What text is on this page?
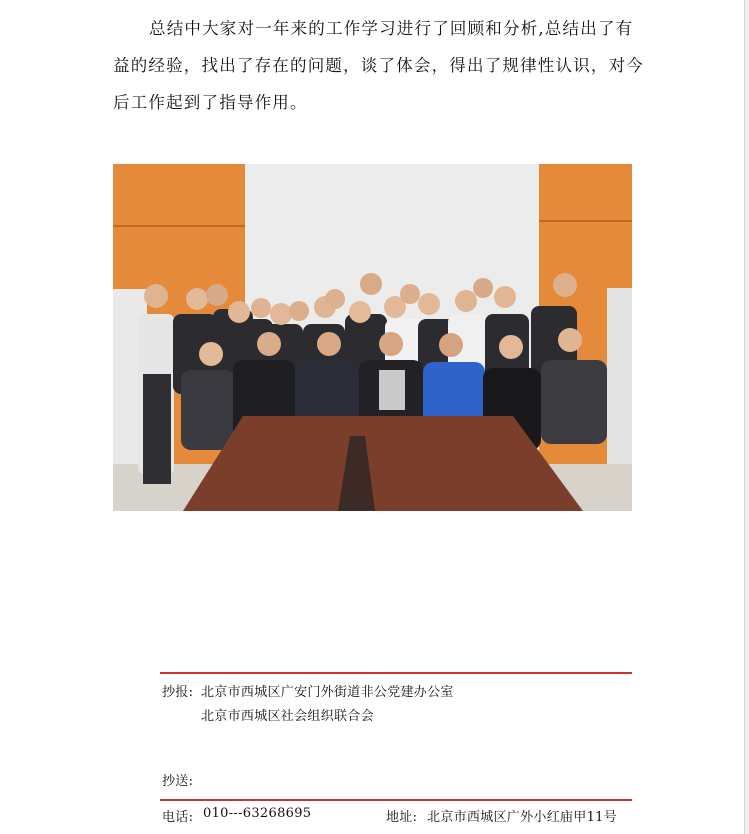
总结中大家对一年来的工作学习进行了回顾和分析,总结出了有
益的经验，找出了存在的问题，谈了体会，得出了规律性认识，对今
后工作起到了指导作用。
抄报: 北京市西城区广安门外街道非公党建办公室
北京市西城区社会组织联合会
抄送:
电话: 010---63268695	地址: 北京市西城区广外小红庙甲11号
